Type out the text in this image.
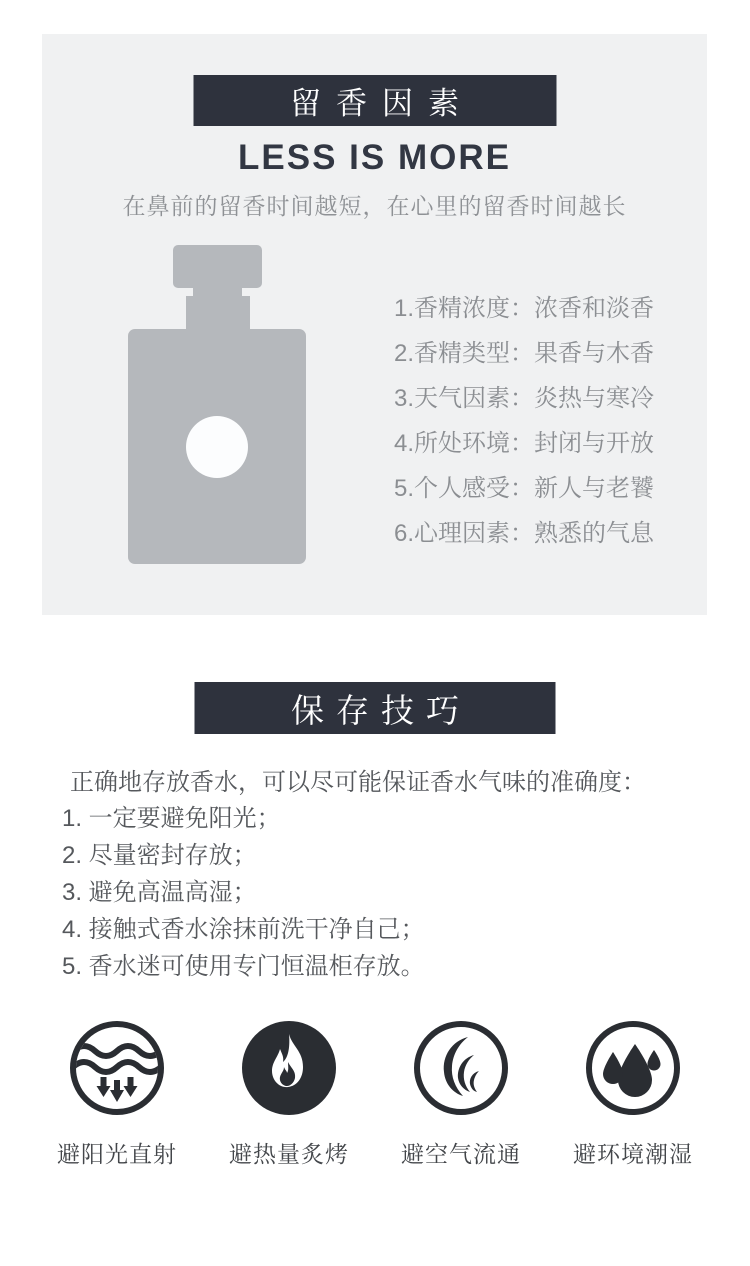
留香因素
LESS IS MORE
在鼻前的留香时间越短，在心里的留香时间越长
1.香精浓度：浓香和淡香
2.香精类型：果香与木香
3.天气因素：炎热与寒冷
4.所处环境：封闭与开放
5.个人感受：新人与老饕
6.心理因素：熟悉的气息
保存技巧
正确地存放香水，可以尽可能保证香水气味的准确度：
1. 一定要避免阳光；
2. 尽量密封存放；
3. 避免高温高湿；
4. 接触式香水涂抹前洗干净自己；
5. 香水迷可使用专门恒温柜存放。
避阳光直射 避热量炙烤 避空气流通 避环境潮湿
